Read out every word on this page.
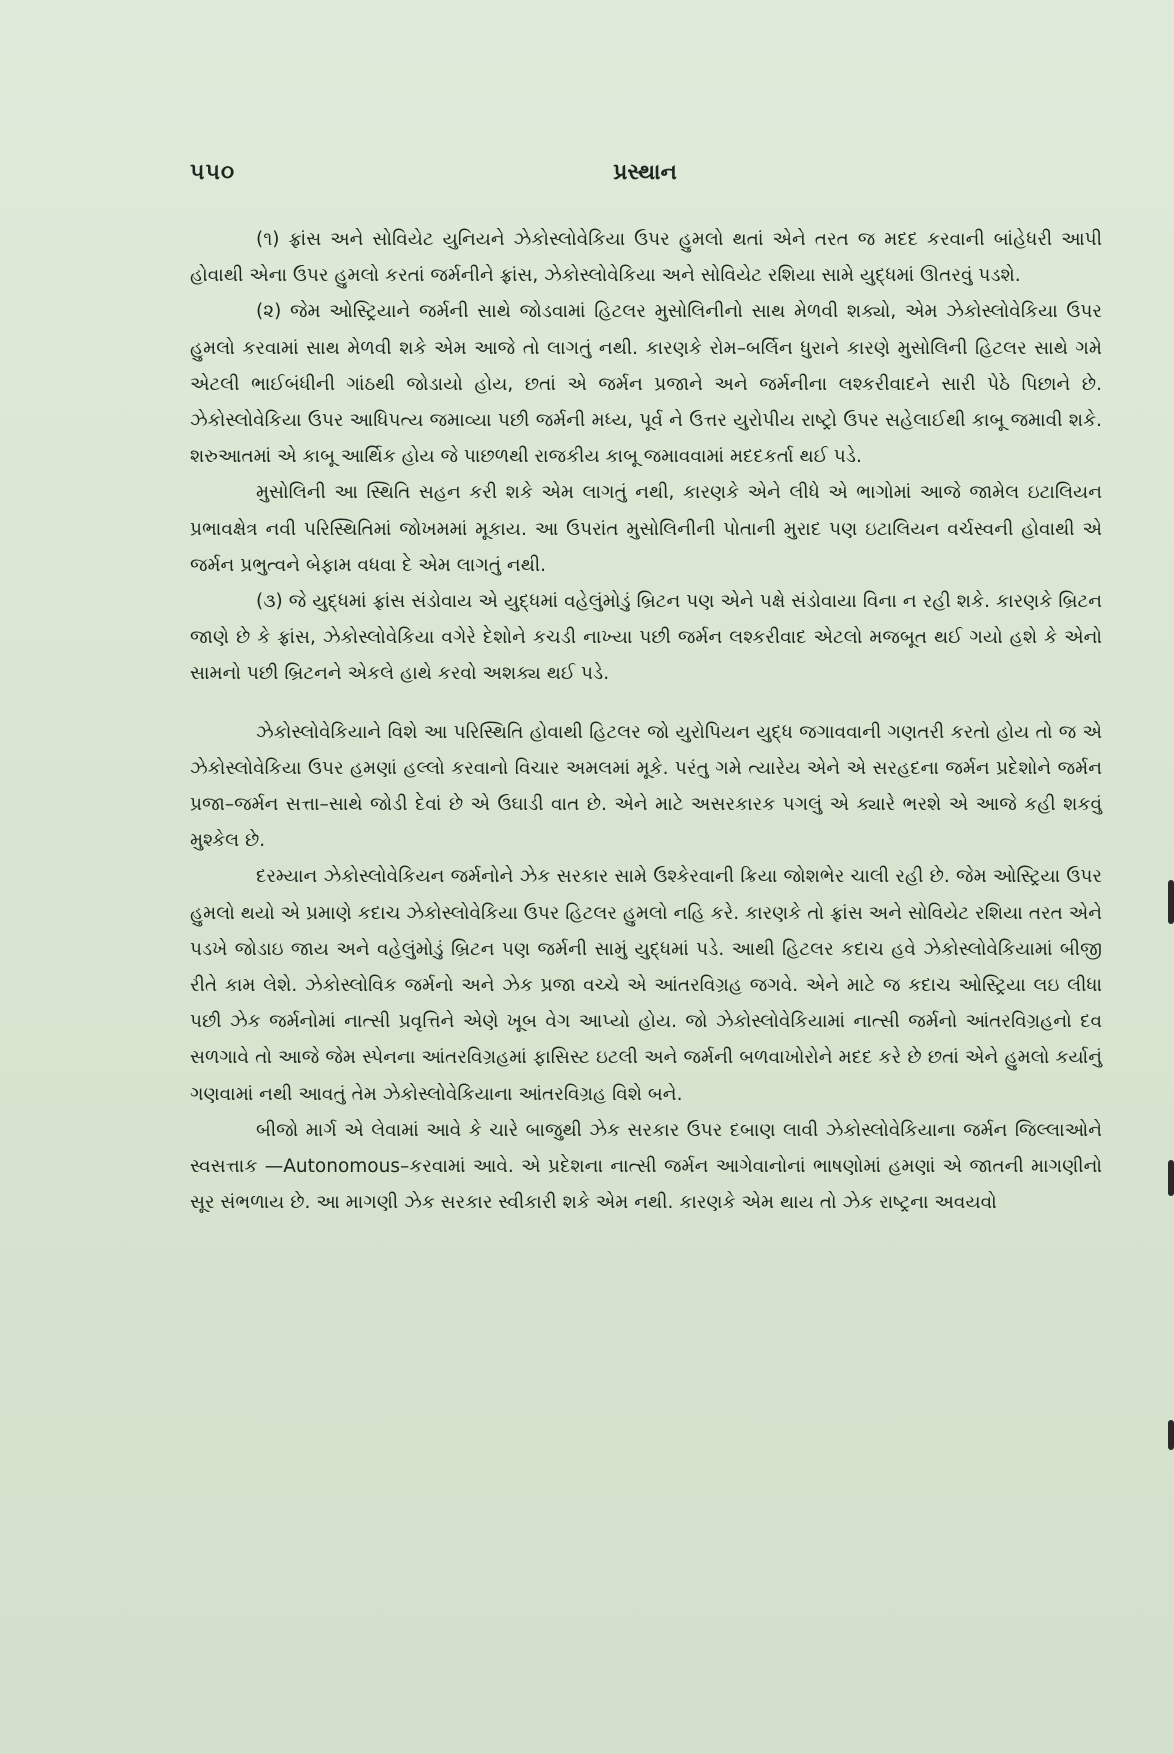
૫૫૦	પ્રસ્થાન

(૧) ફ્રાંસ અને સોવિયેટ યુનિયને ઝેકોસ્લોવેકિયા ઉપર હુમલો થતાં એને તરત જ મદદ કરવાની બાંહેધરી આપી હોવાથી એના ઉપર હુમલો કરતાં જર્મનીને ફ્રાંસ, ઝેકોસ્લોવેકિયા અને સોવિયેટ રશિયા સામે યુદ્ધમાં ઊતરવું પડશે.

(૨) જેમ ઓસ્ટ્રિયાને જર્મની સાથે જોડવામાં હિટલર મુસોલિનીનો સાથ મેળવી શક્યો, એમ ઝેકોસ્લોવેકિયા ઉપર હુમલો કરવામાં સાથ મેળવી શકે એમ આજે તો લાગતું નથી. કારણકે રોમ–બર્લિન ધુરાને કારણે મુસોલિની હિટલર સાથે ગમે એટલી ભાઈબંધીની ગાંઠથી જોડાયો હોય, છતાં એ જર્મન પ્રજાને અને જર્મનીના લશ્કરીવાદને સારી પેઠે પિછાને છે. ઝેકોસ્લોવેકિયા ઉપર આધિપત્ય જમાવ્યા પછી જર્મની મધ્ય, પૂર્વ ને ઉત્તર યુરોપીય રાષ્ટ્રો ઉપર સહેલાઈથી કાબૂ જમાવી શકે. શરુઆતમાં એ કાબૂ આર્થિક હોય જે પાછળથી રાજકીય કાબૂ જમાવવામાં મદદકર્તા થઈ પડે.

મુસોલિની આ સ્થિતિ સહન કરી શકે એમ લાગતું નથી, કારણકે એને લીધે એ ભાગોમાં આજે જામેલ ઇટાલિયન પ્રભાવક્ષેત્ર નવી પરિસ્થિતિમાં જોખમમાં મૂકાય. આ ઉપરાંત મુસોલિનીની પોતાની મુરાદ પણ ઇટાલિયન વર્ચસ્વની હોવાથી એ જર્મન પ્રભુત્વને બેફામ વધવા દે એમ લાગતું નથી.

(૩) જે યુદ્ધમાં ફ્રાંસ સંડોવાય એ યુદ્ધમાં વહેલુંમોડું બ્રિટન પણ એને પક્ષે સંડોવાયા વિના ન રહી શકે. કારણકે બ્રિટન જાણે છે કે ફ્રાંસ, ઝેકોસ્લોવેકિયા વગેરે દેશોને કચડી નાખ્યા પછી જર્મન લશ્કરીવાદ એટલો મજબૂત થઈ ગયો હશે કે એનો સામનો પછી બ્રિટનને એકલે હાથે કરવો અશક્ય થઈ પડે.

ઝેકોસ્લોવેકિયાને વિશે આ પરિસ્થિતિ હોવાથી હિટલર જો યુરોપિયન યુદ્ધ જગાવવાની ગણતરી કરતો હોય તો જ એ ઝેકોસ્લોવેકિયા ઉપર હમણાં હલ્લો કરવાનો વિચાર અમલમાં મૂકે. પરંતુ ગમે ત્યારેય એને એ સરહદના જર્મન પ્રદેશોને જર્મન પ્રજા–જર્મન સત્તા–સાથે જોડી દેવાં છે એ ઉઘાડી વાત છે. એને માટે અસરકારક પગલું એ ક્યારે ભરશે એ આજે કહી શકવું મુશ્કેલ છે.

દરમ્યાન ઝેકોસ્લોવેકિયન જર્મનોને ઝેક સરકાર સામે ઉશ્કેરવાની ક્રિયા જોશભેર ચાલી રહી છે. જેમ ઓસ્ટ્રિયા ઉપર હુમલો થયો એ પ્રમાણે કદાચ ઝેકોસ્લોવેકિયા ઉપર હિટલર હુમલો નહિ કરે. કારણકે તો ફ્રાંસ અને સોવિયેટ રશિયા તરત એને પડખે જોડાઇ જાય અને વહેલુંમોડું બ્રિટન પણ જર્મની સામું યુદ્ધમાં પડે. આથી હિટલર કદાચ હવે ઝેકોસ્લોવેકિયામાં બીજી રીતે કામ લેશે. ઝેકોસ્લોવિક જર્મનો અને ઝેક પ્રજા વચ્ચે એ આંતરવિગ્રહ જગવે. એને માટે જ કદાચ ઓસ્ટ્રિયા લઇ લીધા પછી ઝેક જર્મનોમાં નાત્સી પ્રવૃત્તિને એણે ખૂબ વેગ આપ્યો હોય. જો ઝેકોસ્લોવેકિયામાં નાત્સી જર્મનો આંતરવિગ્રહનો દવ સળગાવે તો આજે જેમ સ્પેનના આંતરવિગ્રહમાં ફાસિસ્ટ ઇટલી અને જર્મની બળવાખોરોને મદદ કરે છે છતાં એને હુમલો કર્યાનું ગણવામાં નથી આવતું તેમ ઝેકોસ્લોવેકિયાના આંતરવિગ્રહ વિશે બને.

બીજો માર્ગ એ લેવામાં આવે કે ચારે બાજુથી ઝેક સરકાર ઉપર દબાણ લાવી ઝેકોસ્લોવેકિયાના જર્મન જિલ્લાઓને સ્વસત્તાક —Autonomous–કરવામાં આવે. એ પ્રદેશના નાત્સી જર્મન આગેવાનોનાં ભાષણોમાં હમણાં એ જાતની માગણીનો સૂર સંભળાય છે. આ માગણી ઝેક સરકાર સ્વીકારી શકે એમ નથી. કારણકે એમ થાય તો ઝેક રાષ્ટ્રના અવયવો
